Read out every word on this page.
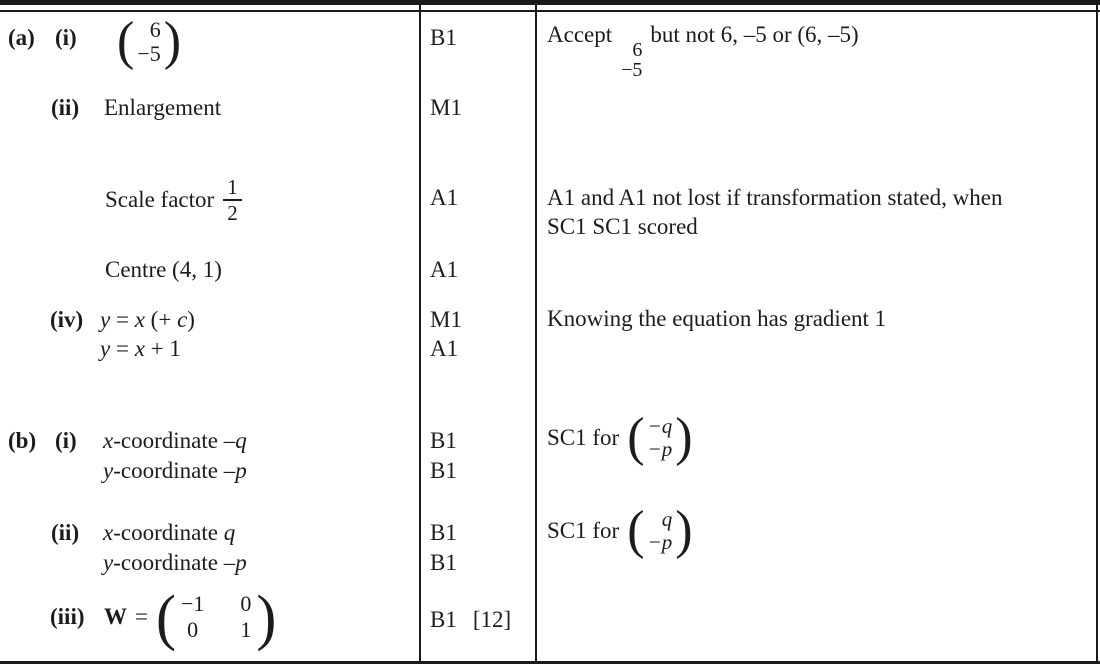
(a) (i) ( 6
−5 )
(ii) Enlargement
Scale factor $\frac{1}{2}$
Centre (4, 1)
(iv) y = x (+ c)
y = x + 1
(b) (i) x-coordinate –q
y-coordinate –p
(ii) x-coordinate q
y-coordinate –p
(iii) W = ( −1 0
0 1 )
B1
M1
A1
A1
M1
A1
B1
B1
B1
B1
B1 [12]
Accept
6
−5
but not 6, –5 or (6, –5)
A1 and A1 not lost if transformation stated, when
SC1 SC1 scored
Knowing the equation has gradient 1
SC1 for ( −q
−p )
SC1 for ( q
−p )
